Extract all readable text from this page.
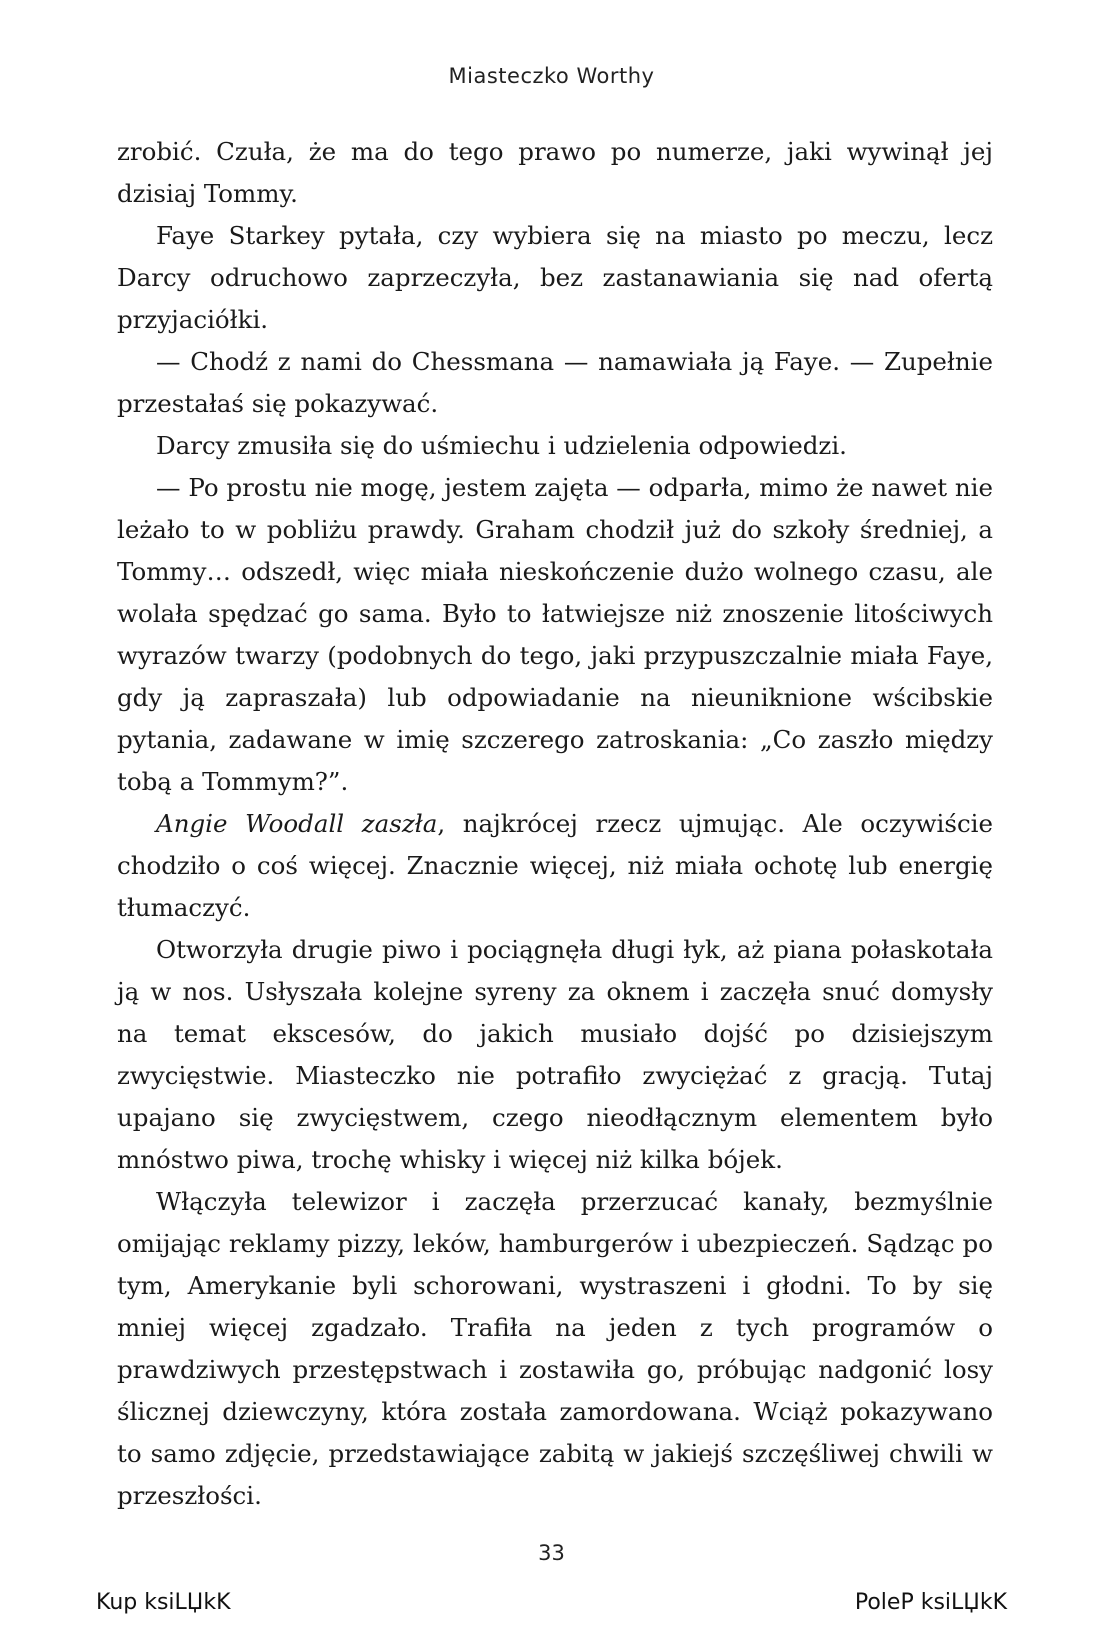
Miasteczko Worthy

zrobić. Czuła, że ma do tego prawo po numerze, jaki wywinął jej dzisiaj Tommy.

Faye Starkey pytała, czy wybiera się na miasto po meczu, lecz Darcy odruchowo zaprzeczyła, bez zastanawiania się nad ofertą przyjaciółki.

— Chodź z nami do Chessmana — namawiała ją Faye. — Zupełnie przestałaś się pokazywać.

Darcy zmusiła się do uśmiechu i udzielenia odpowiedzi.

— Po prostu nie mogę, jestem zajęta — odparła, mimo że nawet nie leżało to w pobliżu prawdy. Graham chodził już do szkoły średniej, a Tommy… odszedł, więc miała nieskończenie dużo wolnego czasu, ale wolała spędzać go sama. Było to łatwiejsze niż znoszenie litościwych wyrazów twarzy (podobnych do tego, jaki przypuszczalnie miała Faye, gdy ją zapraszała) lub odpowiadanie na nieuniknione wścibskie pytania, zadawane w imię szczerego zatroskania: „Co zaszło między tobą a Tommym?”.

Angie Woodall zaszła, najkrócej rzecz ujmując. Ale oczywiście chodziło o coś więcej. Znacznie więcej, niż miała ochotę lub energię tłumaczyć.

Otworzyła drugie piwo i pociągnęła długi łyk, aż piana połaskotała ją w nos. Usłyszała kolejne syreny za oknem i zaczęła snuć domysły na temat ekscesów, do jakich musiało dojść po dzisiejszym zwycięstwie. Miasteczko nie potrafiło zwyciężać z gracją. Tutaj upajano się zwycięstwem, czego nieodłącznym elementem było mnóstwo piwa, trochę whisky i więcej niż kilka bójek.

Włączyła telewizor i zaczęła przerzucać kanały, bezmyślnie omijając reklamy pizzy, leków, hamburgerów i ubezpieczeń. Sądząc po tym, Amerykanie byli schorowani, wystraszeni i głodni. To by się mniej więcej zgadzało. Trafiła na jeden z tych programów o prawdziwych przestępstwach i zostawiła go, próbując nadgonić losy ślicznej dziewczyny, która została zamordowana. Wciąż pokazywano to samo zdjęcie, przedstawiające zabitą w jakiejś szczęśliwej chwili w przeszłości.

33
Kup ksiLЏkK	PoleP ksiLЏkK
